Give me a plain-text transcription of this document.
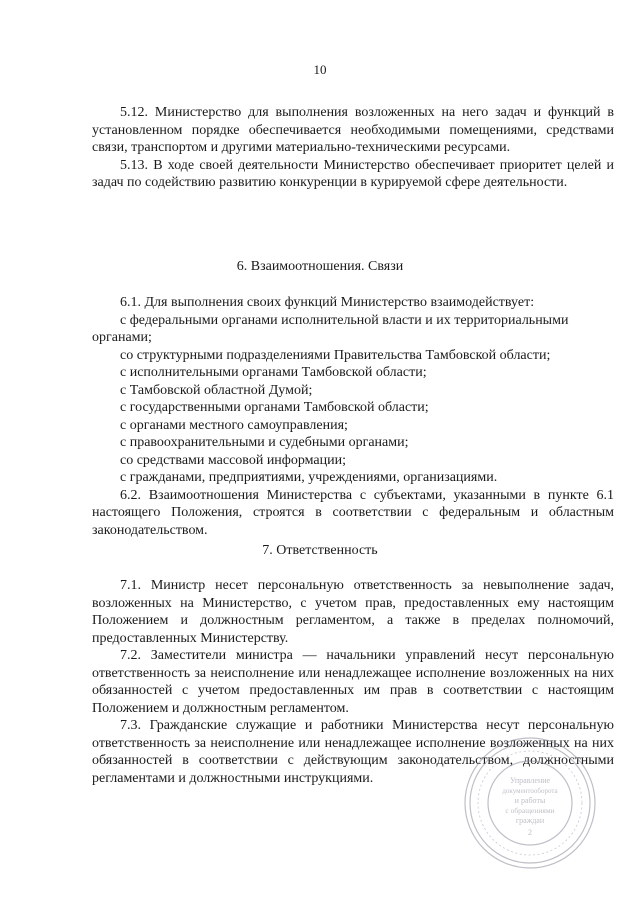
10

5.12. Министерство для выполнения возложенных на него задач и функций в установленном порядке обеспечивается необходимыми помещениями, средствами связи, транспортом и другими материально-техническими ресурсами.

5.13. В ходе своей деятельности Министерство обеспечивает приоритет целей и задач по содействию развитию конкуренции в курируемой сфере деятельности.

6. Взаимоотношения. Связи

6.1. Для выполнения своих функций Министерство взаимодействует:

с федеральными органами исполнительной власти и их территориальными

органами;

со структурными подразделениями Правительства Тамбовской области;

с исполнительными органами Тамбовской области;

с Тамбовской областной Думой;

с государственными органами Тамбовской области;

с органами местного самоуправления;

с правоохранительными и судебными органами;

со средствами массовой информации;

с гражданами, предприятиями, учреждениями, организациями.

6.2. Взаимоотношения Министерства с субъектами, указанными в пункте 6.1 настоящего Положения, строятся в соответствии с федеральным и областным законодательством.

7. Ответственность

7.1. Министр несет персональную ответственность за невыполнение задач, возложенных на Министерство, с учетом прав, предоставленных ему настоящим Положением и должностным регламентом, а также в пределах полномочий, предоставленных Министерству.

7.2. Заместители министра — начальники управлений несут персональную ответственность за неисполнение или ненадлежащее исполнение возложенных на них обязанностей с учетом предоставленных им прав в соответствии с настоящим Положением и должностным регламентом.

7.3. Гражданские служащие и работники Министерства несут персональную ответственность за неисполнение или ненадлежащее исполнение возложенных на них обязанностей в соответствии с действующим законодательством, должностными регламентами и должностными инструкциями.	Управление
документооборота
и работы
с обращениями
граждан
2
